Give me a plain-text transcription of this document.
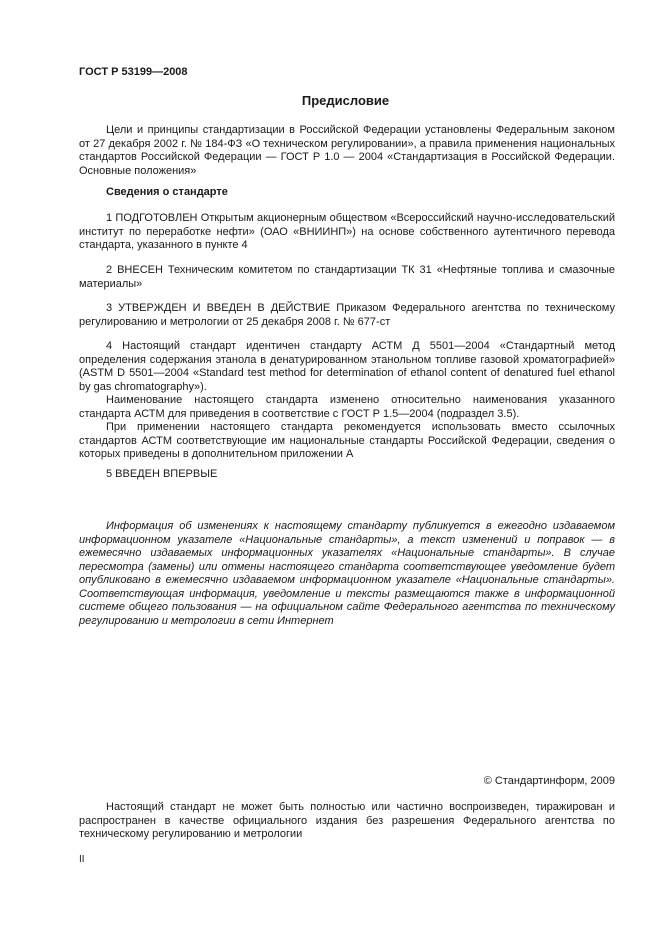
ГОСТ Р 53199—2008
Предисловие

Цели и принципы стандартизации в Российской Федерации установлены Федеральным законом от 27 декабря 2002 г. № 184-ФЗ «О техническом регулировании», а правила применения национальных стандартов Российской Федерации — ГОСТ Р 1.0 — 2004 «Стандартизация в Российской Федерации. Основные положения»

Сведения о стандарте

1 ПОДГОТОВЛЕН Открытым акционерным обществом «Всероссийский научно-исследовательский институт по переработке нефти» (ОАО «ВНИИНП») на основе собственного аутентичного перевода стандарта, указанного в пункте 4

2 ВНЕСЕН Техническим комитетом по стандартизации ТК 31 «Нефтяные топлива и смазочные материалы»

3 УТВЕРЖДЕН И ВВЕДЕН В ДЕЙСТВИЕ Приказом Федерального агентства по техническому регулированию и метрологии от 25 декабря 2008 г. № 677-ст

4 Настоящий стандарт идентичен стандарту АСТМ Д 5501—2004 «Стандартный метод определения содержания этанола в денатурированном этанольном топливе газовой хроматографией» (ASTM D 5501—2004 «Standard test method for determination of ethanol content of denatured fuel ethanol by gas chromatography»).

Наименование настоящего стандарта изменено относительно наименования указанного стандарта АСТМ для приведения в соответствие с ГОСТ Р 1.5—2004 (подраздел 3.5).

При применении настоящего стандарта рекомендуется использовать вместо ссылочных стандартов АСТМ соответствующие им национальные стандарты Российской Федерации, сведения о которых приведены в дополнительном приложении А

5 ВВЕДЕН ВПЕРВЫЕ

Информация об изменениях к настоящему стандарту публикуется в ежегодно издаваемом информационном указателе «Национальные стандарты», а текст изменений и поправок — в ежемесячно издаваемых информационных указателях «Национальные стандарты». В случае пересмотра (замены) или отмены настоящего стандарта соответствующее уведомление будет опубликовано в ежемесячно издаваемом информационном указателе «Национальные стандарты». Соответствующая информация, уведомление и тексты размещаются также в информационной системе общего пользования — на официальном сайте Федерального агентства по техническому регулированию и метрологии в сети Интернет

© Стандартинформ, 2009

Настоящий стандарт не может быть полностью или частично воспроизведен, тиражирован и распространен в качестве официального издания без разрешения Федерального агентства по техническому регулированию и метрологии

II
